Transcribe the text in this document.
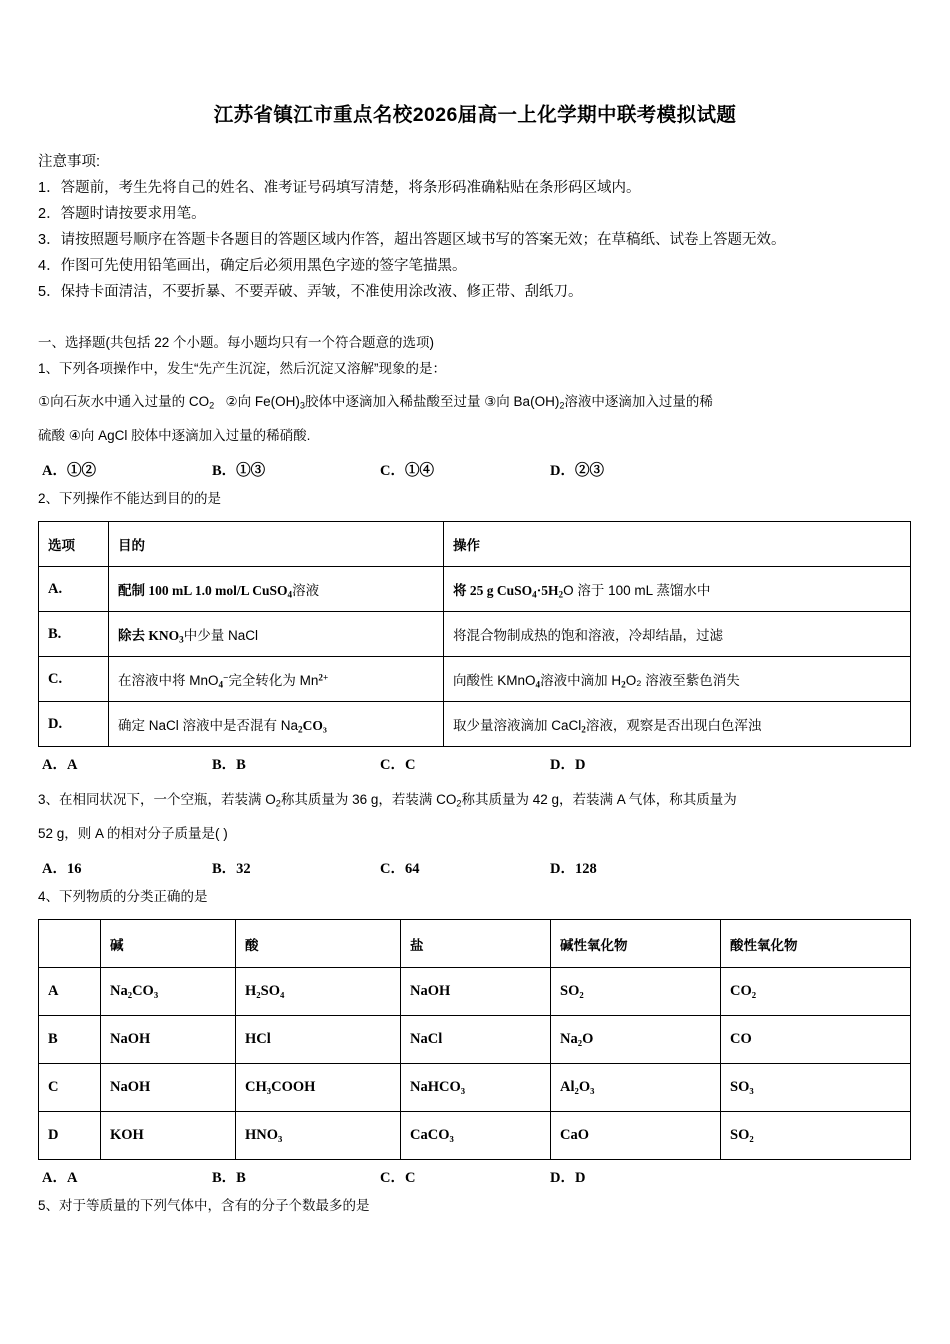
江苏省镇江市重点名校2026届高一上化学期中联考模拟试题
注意事项:
1．答题前，考生先将自己的姓名、准考证号码填写清楚，将条形码准确粘贴在条形码区域内。
2．答题时请按要求用笔。
3．请按照题号顺序在答题卡各题目的答题区域内作答，超出答题区域书写的答案无效；在草稿纸、试卷上答题无效。
4．作图可先使用铅笔画出，确定后必须用黑色字迹的签字笔描黑。
5．保持卡面清洁，不要折暴、不要弄破、弄皱，不准使用涂改液、修正带、刮纸刀。
一、选择题(共包括 22 个小题。每小题均只有一个符合题意的选项)
1、下列各项操作中，发生“先产生沉淀，然后沉淀又溶解”现象的是：
①向石灰水中通入过量的 $CO_2$ ②向 $Fe(OH)_3$胶体中逐滴加入稀盐酸至过量 ③向 $Ba(OH)_2$溶液中逐滴加入过量的稀
硫酸 ④向 AgCl 胶体中逐滴加入过量的稀硝酸.
A．①②	B．①③	C．①④	D．②③
2、下列操作不能达到目的的是
选项	目的	操作
A.	配制 100 mL 1.0 mol/L CuSO$_4$溶液	将 25 g $CuSO_4\cdot 5H_2O$ 溶于 100 mL 蒸馏水中
B.	除去 $KNO_3$中少量 NaCl	将混合物制成热的饱和溶液，冷却结晶，过滤
C.	在溶液中将 MnO$_4$−完全转化为 $Mn^{2+}$	向酸性 KMnO$_4$溶液中滴加 $H_2O_2$ 溶液至紫色消失
D.	确定 NaCl 溶液中是否混有 $Na_2CO_3$	取少量溶液滴加 CaCl$_2$溶液，观察是否出现白色浑浊
A．A	B．B	C．C	D．D
3、在相同状况下，一个空瓶，若装满 $O_2$称其质量为 36 g，若装满 $CO_2$称其质量为 42 g，若装满 A 气体，称其质量为
52 g，则 A 的相对分子质量是( )
A．16	B．32	C．64	D．128
4、下列物质的分类正确的是
	碱	酸	盐	碱性氧化物	酸性氧化物
A	Na₂CO₃	H₂SO₄	NaOH	SO₂	CO₂
B	NaOH	HCl	NaCl	Na₂O	CO
C	NaOH	CH₃COOH	NaHCO₃	Al₂O₃	SO₃
D	KOH	HNO₃	CaCO₃	CaO	SO₂
A．A	B．B	C．C	D．D
5、对于等质量的下列气体中，含有的分子个数最多的是
